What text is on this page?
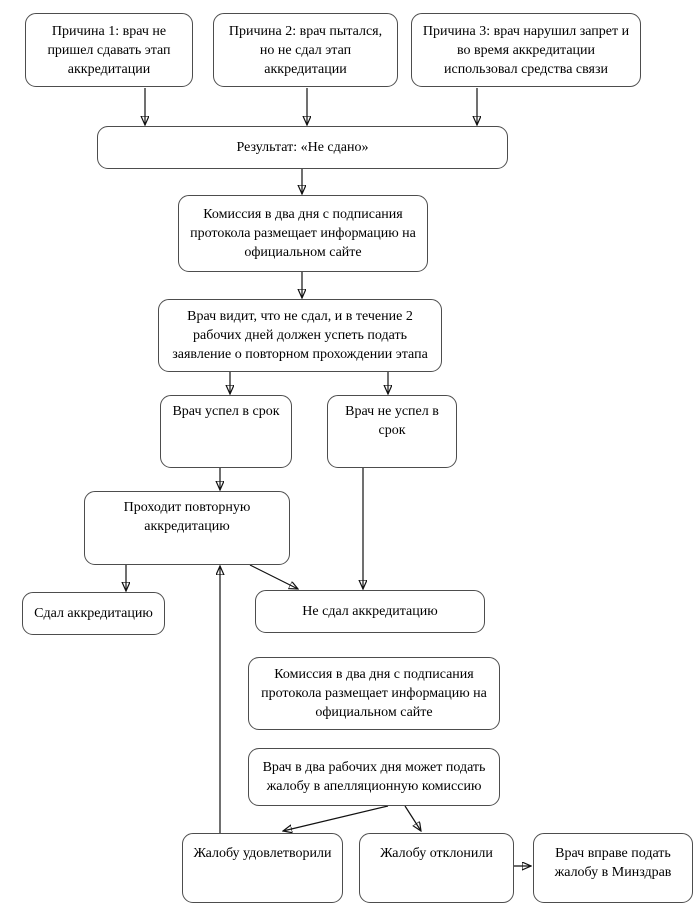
Причина 1: врач не пришел сдавать этап аккредитации
Причина 2: врач пытался, но не сдал этап аккредитации
Причина 3: врач нарушил запрет и во время аккредитации использовал средства связи
Результат: «Не сдано»
Комиссия в два дня с подписания протокола размещает информацию на официальном сайте
Врач видит, что не сдал, и в течение 2 рабочих дней должен успеть подать заявление о повторном прохождении этапа
Врач успел в срок	Врач не успел в срок
Проходит повторную аккредитацию
Сдал аккредитацию	Не сдал аккредитацию
Комиссия в два дня с подписания протокола размещает информацию на официальном сайте
Врач в два рабочих дня может подать жалобу в апелляционную комиссию
Жалобу удовлетворили	Жалобу отклонили	Врач вправе подать жалобу в Минздрав
